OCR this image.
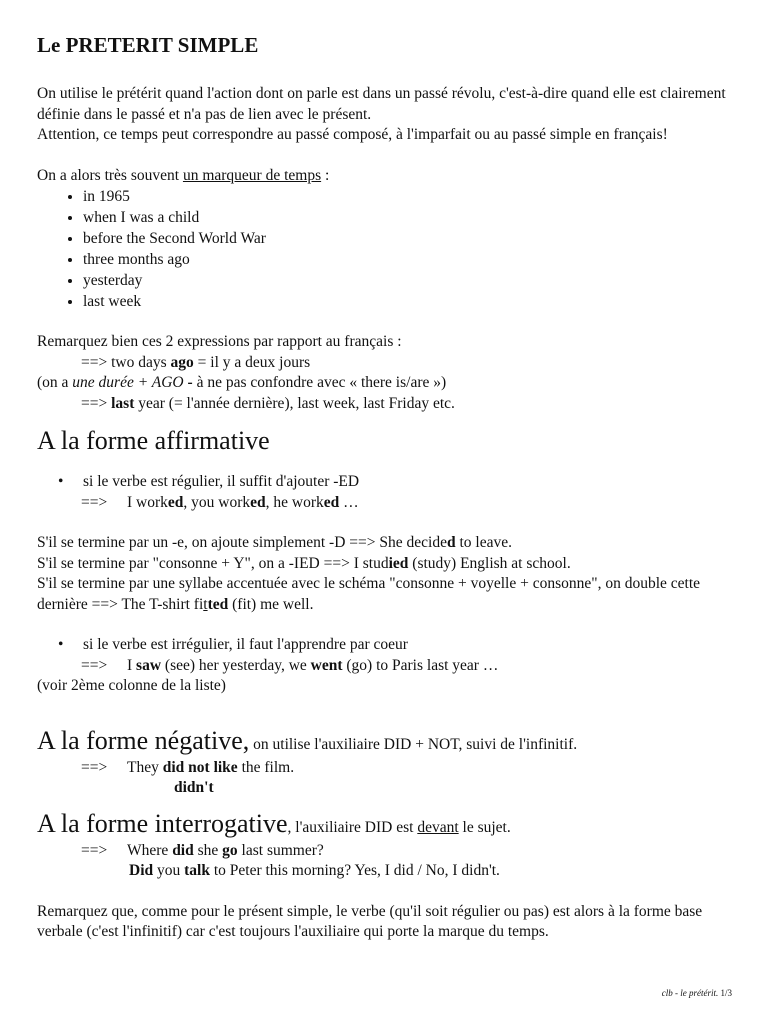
Le PRETERIT SIMPLE

On utilise le prétérit quand l'action dont on parle est dans un passé révolu, c'est-à-dire quand elle est clairement définie dans le passé et n'a pas de lien avec le présent.

Attention, ce temps peut correspondre au passé composé, à l'imparfait ou au passé simple en français!

On a alors très souvent un marqueur de temps :

• in 1965
• when I was a child
• before the Second World War
• three months ago
• yesterday
• last week

Remarquez bien ces 2 expressions par rapport au français :

==> two days ago = il y a deux jours

(on a une durée + AGO - à ne pas confondre avec « there is/are »)

==> last year (= l'année dernière), last week, last Friday etc.

A la forme affirmative

• si le verbe est régulier, il suffit d'ajouter -ED

==> I worked, you worked, he worked …

S'il se termine par un -e, on ajoute simplement -D ==> She decided to leave.

S'il se termine par "consonne + Y", on a -IED ==> I studied (study) English at school.

S'il se termine par une syllabe accentuée avec le schéma "consonne + voyelle + consonne", on double cette dernière ==> The T-shirt fitted (fit) me well.

• si le verbe est irrégulier, il faut l'apprendre par coeur

==> I saw (see) her yesterday, we went (go) to Paris last year …

(voir 2ème colonne de la liste)

A la forme négative, on utilise l'auxiliaire DID + NOT, suivi de l'infinitif.

==> They did not like the film.

didn't

A la forme interrogative, l'auxiliaire DID est devant le sujet.

==> Where did she go last summer?

Did you talk to Peter this morning? Yes, I did / No, I didn't.

Remarquez que, comme pour le présent simple, le verbe (qu'il soit régulier ou pas) est alors à la forme base verbale (c'est l'infinitif) car c'est toujours l'auxiliaire qui porte la marque du temps.

clb - le prétérit. 1/3
